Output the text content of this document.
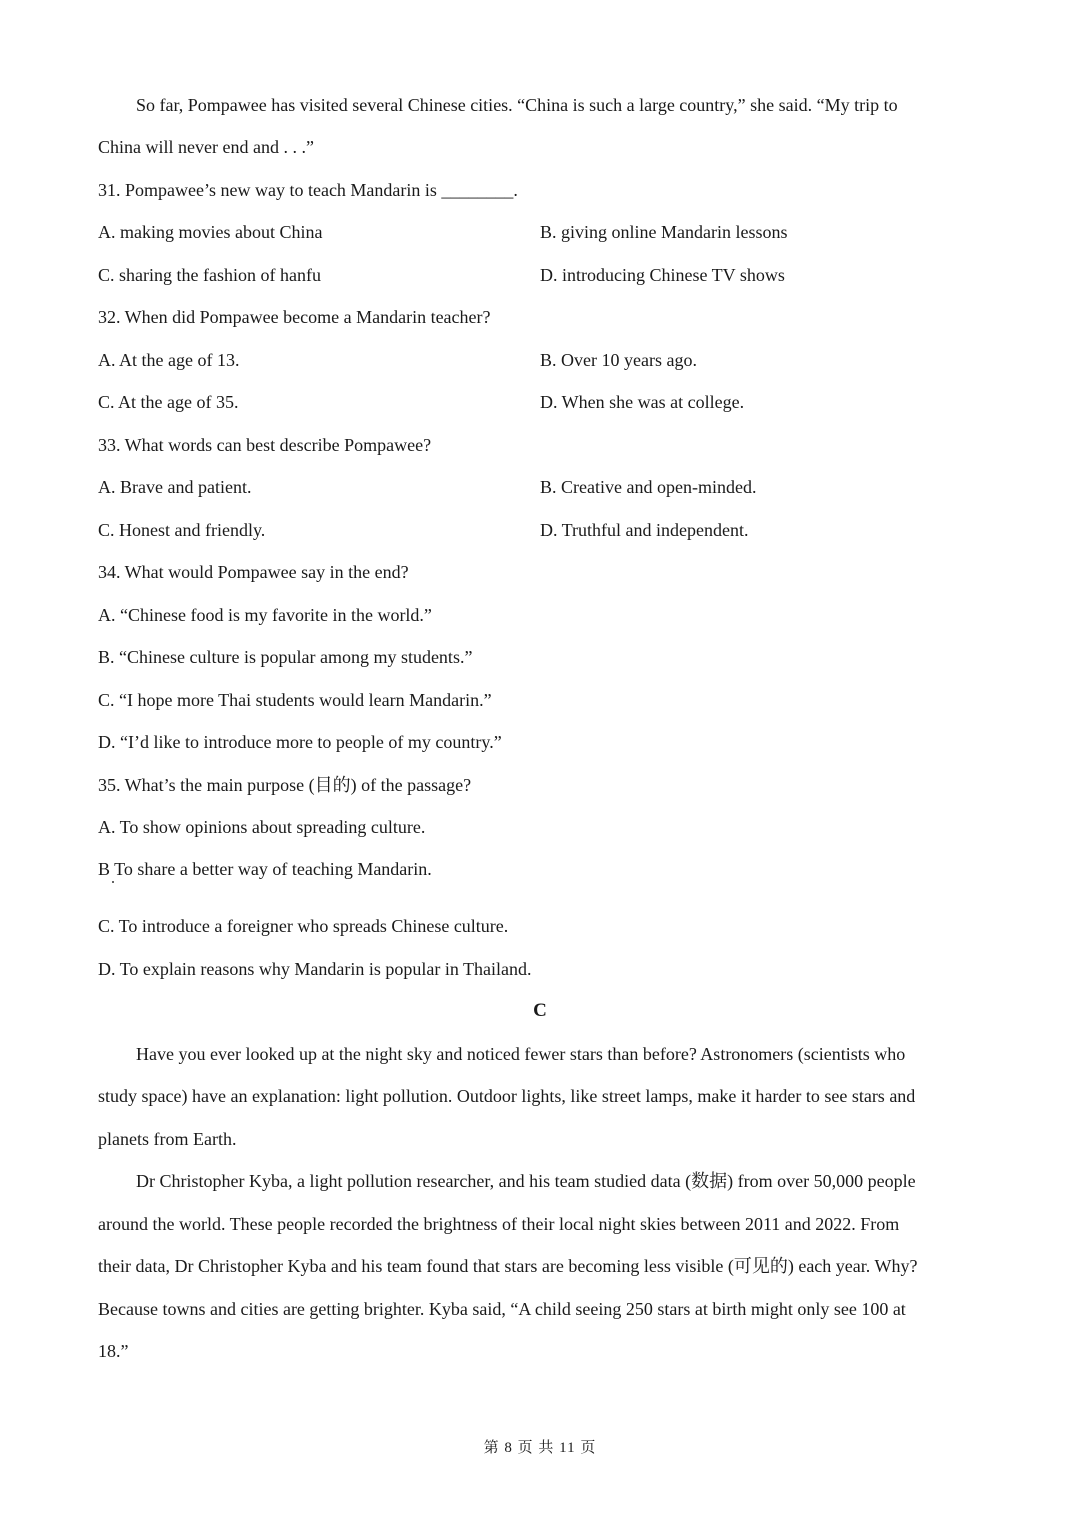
So far, Pompawee has visited several Chinese cities. “China is such a large country,” she said. “My trip to
China will never end and . . .”
31. Pompawee’s new way to teach Mandarin is ________.
A. making movies about China	B. giving online Mandarin lessons
C. sharing the fashion of hanfu	D. introducing Chinese TV shows
32. When did Pompawee become a Mandarin teacher?
A. At the age of 13.	B. Over 10 years ago.
C. At the age of 35.	D. When she was at college.
33. What words can best describe Pompawee?
A. Brave and patient.	B. Creative and open-minded.
C. Honest and friendly.	D. Truthful and independent.
34. What would Pompawee say in the end?
A. “Chinese food is my favorite in the world.”
B. “Chinese culture is popular among my students.”
C. “I hope more Thai students would learn Mandarin.”
D. “I’d like to introduce more to people of my country.”
35. What’s the main purpose (目的) of the passage?
A. To show opinions about spreading culture.
B To share a better way of teaching Mandarin.
C. To introduce a foreigner who spreads Chinese culture.
D. To explain reasons why Mandarin is popular in Thailand.
C
Have you ever looked up at the night sky and noticed fewer stars than before? Astronomers (scientists who
study space) have an explanation: light pollution. Outdoor lights, like street lamps, make it harder to see stars and
planets from Earth.
Dr Christopher Kyba, a light pollution researcher, and his team studied data (数据) from over 50,000 people
around the world. These people recorded the brightness of their local night skies between 2011 and 2022. From
their data, Dr Christopher Kyba and his team found that stars are becoming less visible (可见的) each year. Why?
Because towns and cities are getting brighter. Kyba said, “A child seeing 250 stars at birth might only see 100 at
18.”
第 8 页 共 11 页
